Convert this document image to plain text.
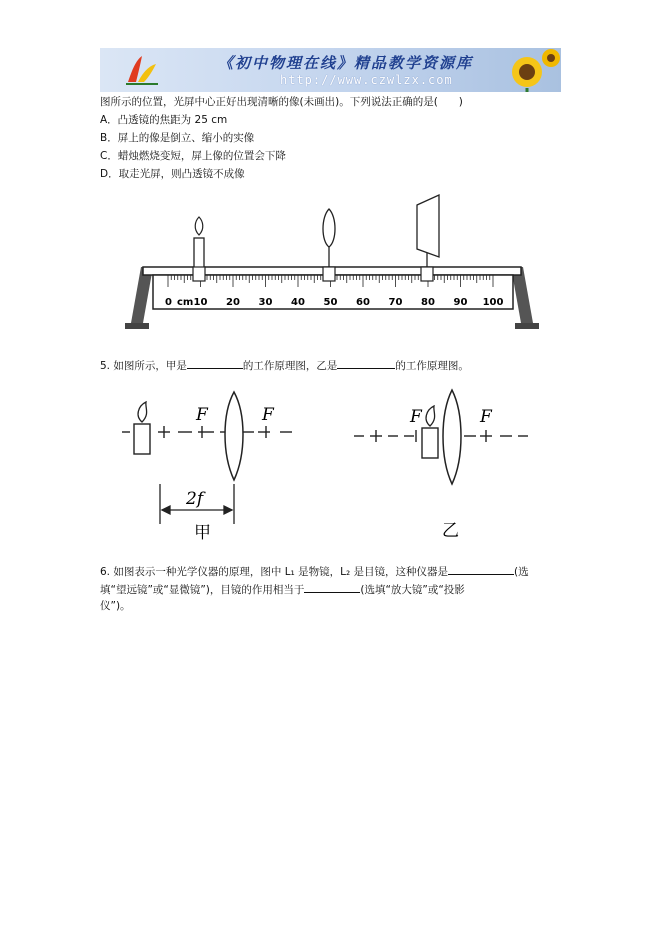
《初中物理在线》精品教学资源库
http://www.czwlzx.com
图所示的位置，光屏中心正好出现清晰的像(未画出)。下列说法正确的是(　　)
A．凸透镜的焦距为 25 cm
B．屏上的像是倒立、缩小的实像
C．蜡烛燃烧变短，屏上像的位置会下降
D．取走光屏，则凸透镜不成像
0 10 20 30 40 50 60 70 80 90 100
cm
5. 如图所示，甲是	的工作原理图，乙是	的工作原理图。
F	F
2f
甲
F	F
乙
6. 如图表示一种光学仪器的原理，图中 L₁ 是物镜，L₂ 是目镜，这种仪器是	(选
填“望远镜”或“显微镜”)，目镜的作用相当于	(选填“放大镜”或“投影
仪”)。
